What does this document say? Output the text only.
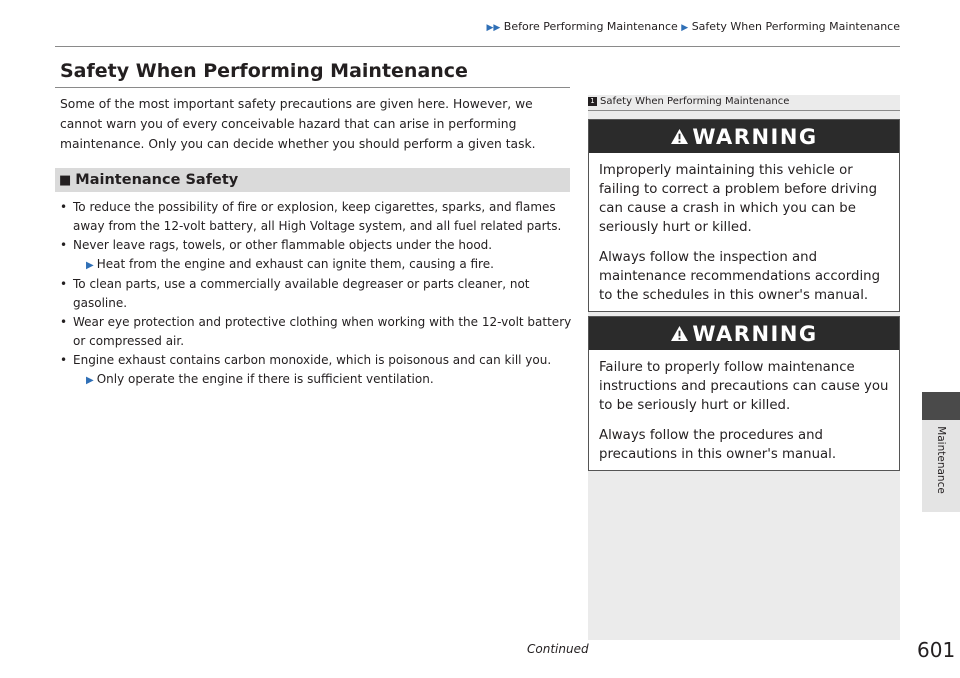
▶▶ Before Performing Maintenance ▶ Safety When Performing Maintenance
Safety When Performing Maintenance

Some of the most important safety precautions are given here. However, we cannot warn you of every conceivable hazard that can arise in performing maintenance. Only you can decide whether you should perform a given task.

■ Maintenance Safety
• To reduce the possibility of fire or explosion, keep cigarettes, sparks, and flames away from the 12-volt battery, all High Voltage system, and all fuel related parts.
• Never leave rags, towels, or other flammable objects under the hood.
▶ Heat from the engine and exhaust can ignite them, causing a fire.
• To clean parts, use a commercially available degreaser or parts cleaner, not gasoline.
• Wear eye protection and protective clothing when working with the 12-volt battery or compressed air.
• Engine exhaust contains carbon monoxide, which is poisonous and can kill you.
▶ Only operate the engine if there is sufficient ventilation.
1 Safety When Performing Maintenance
WARNING

Improperly maintaining this vehicle or failing to correct a problem before driving can cause a crash in which you can be seriously hurt or killed.

Always follow the inspection and maintenance recommendations according to the schedules in this owner's manual.

WARNING

Failure to properly follow maintenance instructions and precautions can cause you to be seriously hurt or killed.

Always follow the procedures and precautions in this owner's manual.	Maintenance
Continued	601
